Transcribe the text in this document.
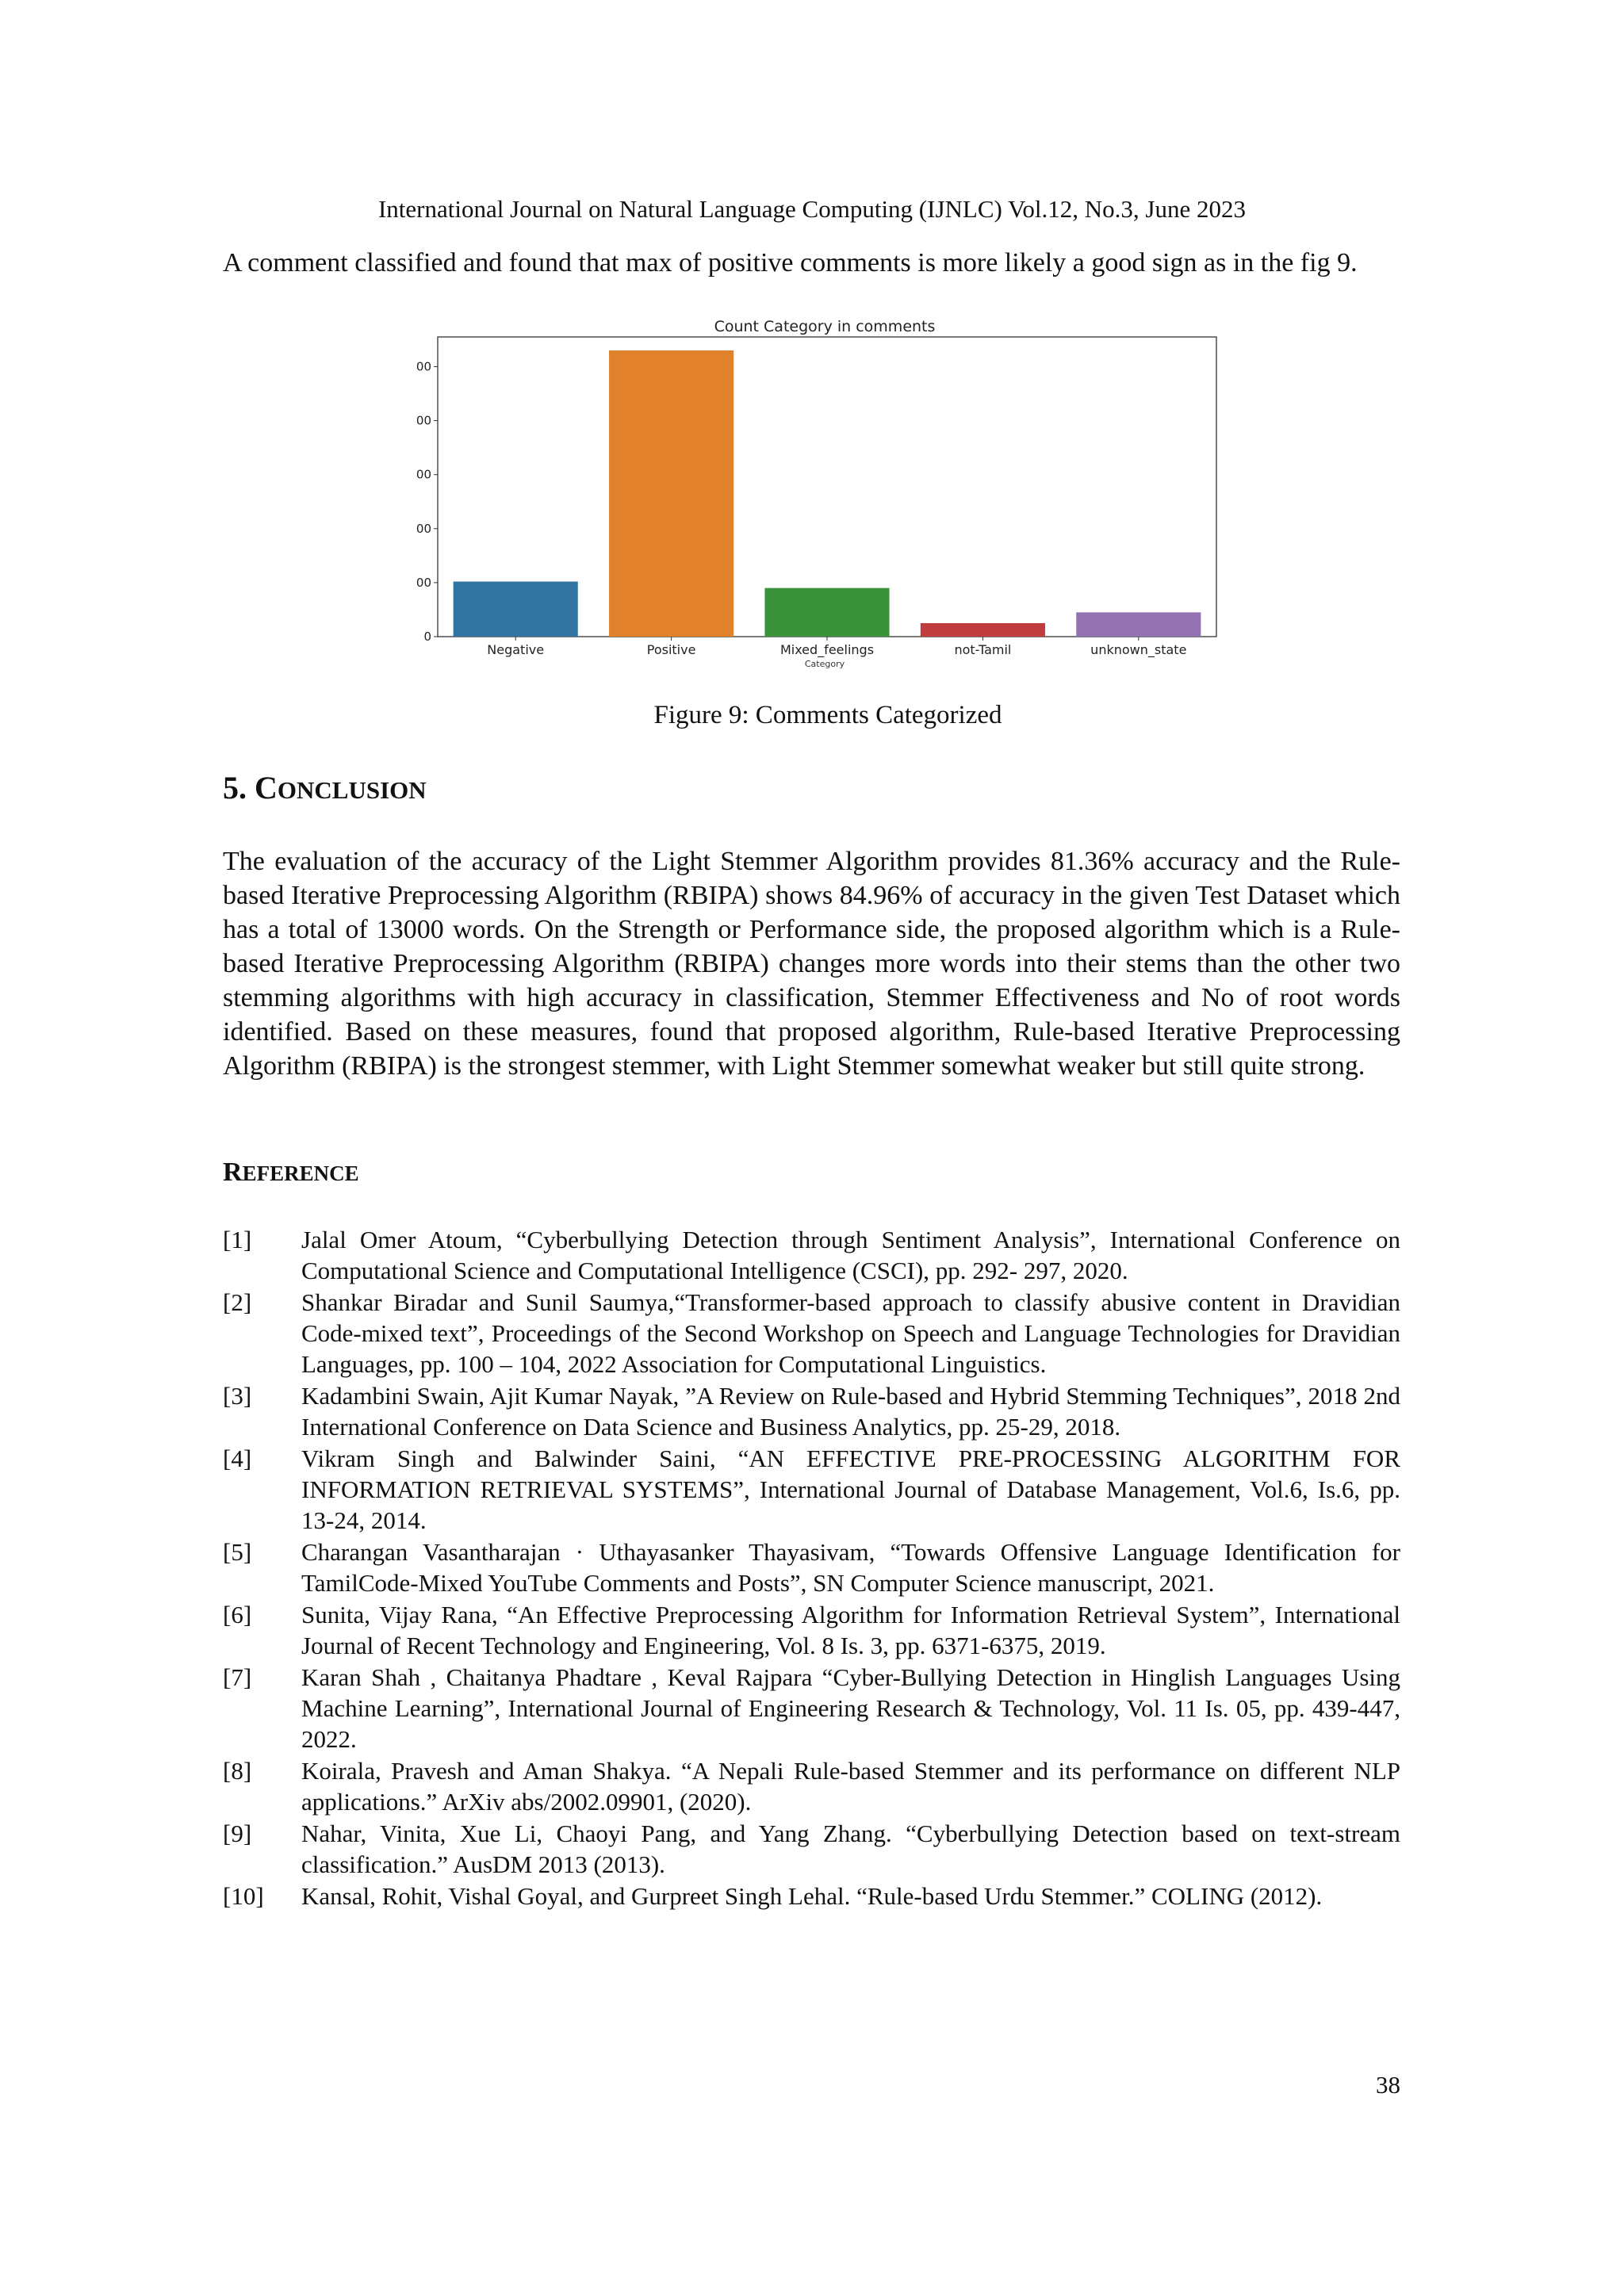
International Journal on Natural Language Computing (IJNLC) Vol.12, No.3, June 2023

A comment classified and found that max of positive comments is more likely a good sign as in the fig 9.

Count Category in comments
0
00
00
00
00
00
Negative	Positive	Mixed_feelings	not-Tamil	unknown_state
Category
Figure 9: Comments Categorized
5. CONCLUSION

The evaluation of the accuracy of the Light Stemmer Algorithm provides 81.36% accuracy and the Rule-based Iterative Preprocessing Algorithm (RBIPA) shows 84.96% of accuracy in the given Test Dataset which has a total of 13000 words. On the Strength or Performance side, the proposed algorithm which is a Rule-based Iterative Preprocessing Algorithm (RBIPA) changes more words into their stems than the other two stemming algorithms with high accuracy in classification, Stemmer Effectiveness and No of root words identified. Based on these measures, found that proposed algorithm, Rule-based Iterative Preprocessing Algorithm (RBIPA) is the strongest stemmer, with Light Stemmer somewhat weaker but still quite strong.

REFERENCE
[1] Jalal Omer Atoum, “Cyberbullying Detection through Sentiment Analysis”, International Conference on Computational Science and Computational Intelligence (CSCI), pp. 292- 297, 2020.
[2] Shankar Biradar and Sunil Saumya,“Transformer-based approach to classify abusive content in Dravidian Code-mixed text”, Proceedings of the Second Workshop on Speech and Language Technologies for Dravidian Languages, pp. 100 – 104, 2022 Association for Computational Linguistics.
[3] Kadambini Swain, Ajit Kumar Nayak, ”A Review on Rule-based and Hybrid Stemming Techniques”, 2018 2nd International Conference on Data Science and Business Analytics, pp. 25-29, 2018.
[4] Vikram Singh and Balwinder Saini, “AN EFFECTIVE PRE-PROCESSING ALGORITHM FOR INFORMATION RETRIEVAL SYSTEMS”, International Journal of Database Management, Vol.6, Is.6, pp. 13-24, 2014.
[5] Charangan Vasantharajan · Uthayasanker Thayasivam, “Towards Offensive Language Identification for TamilCode-Mixed YouTube Comments and Posts”, SN Computer Science manuscript, 2021.
[6] Sunita, Vijay Rana, “An Effective Preprocessing Algorithm for Information Retrieval System”, International Journal of Recent Technology and Engineering, Vol. 8 Is. 3, pp. 6371-6375, 2019.
[7] Karan Shah , Chaitanya Phadtare , Keval Rajpara “Cyber-Bullying Detection in Hinglish Languages Using Machine Learning”, International Journal of Engineering Research & Technology, Vol. 11 Is. 05, pp. 439-447, 2022.
[8] Koirala, Pravesh and Aman Shakya. “A Nepali Rule-based Stemmer and its performance on different NLP applications.” ArXiv abs/2002.09901, (2020).
[9] Nahar, Vinita, Xue Li, Chaoyi Pang, and Yang Zhang. “Cyberbullying Detection based on text-stream classification.” AusDM 2013 (2013).
[10] Kansal, Rohit, Vishal Goyal, and Gurpreet Singh Lehal. “Rule-based Urdu Stemmer.” COLING (2012).
38
